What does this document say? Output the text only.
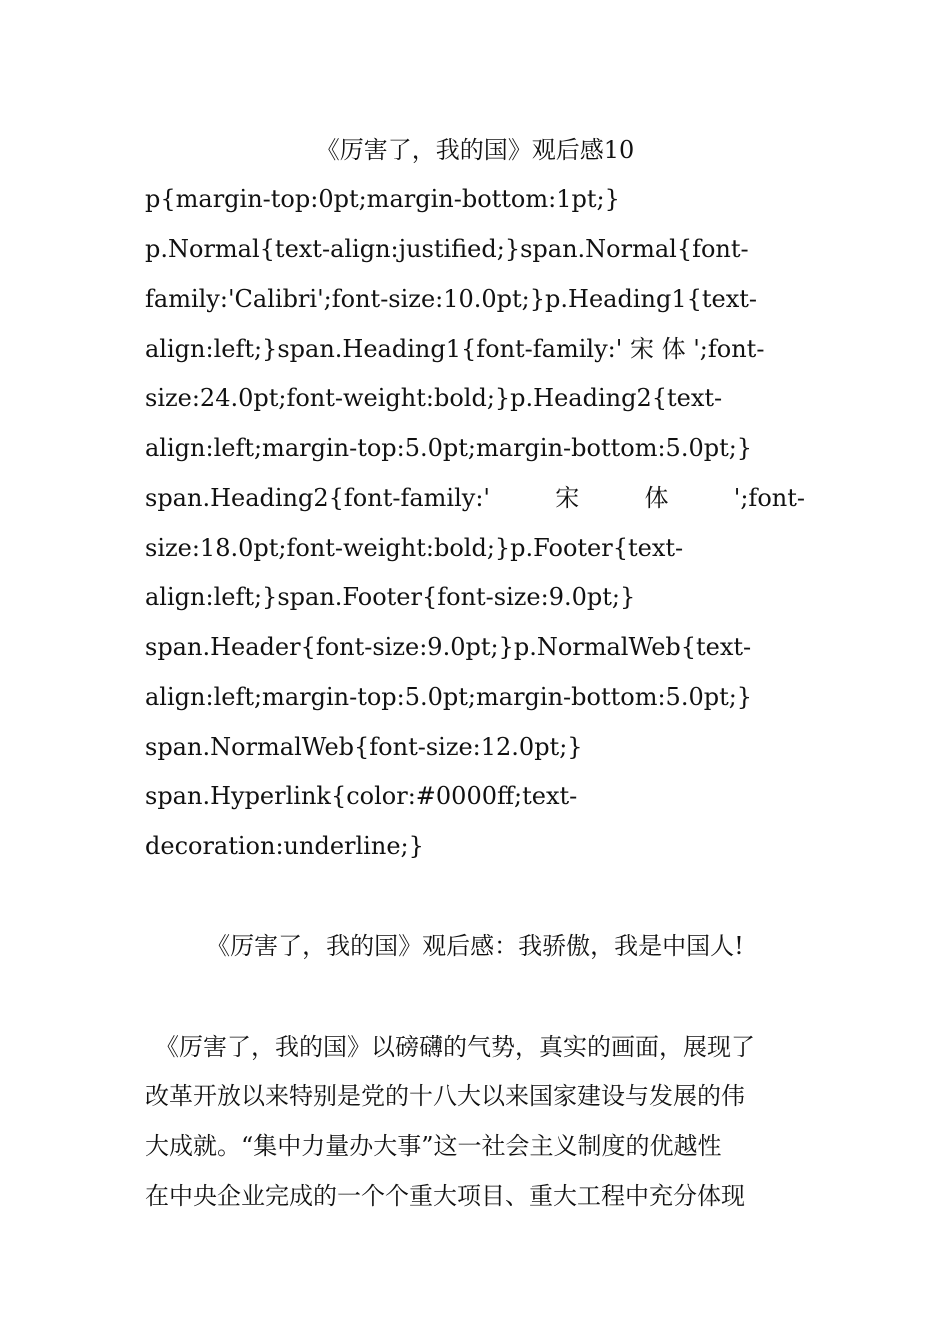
《厉害了，我的国》观后感10
p{margin-top:0pt;margin-bottom:1pt;}
p.Normal{text-align:justified;}span.Normal{font-
family:'Calibri';font-size:10.0pt;}p.Heading1{text-
align:left;}span.Heading1{font-family:' 宋 体 ';font-
size:24.0pt;font-weight:bold;}p.Heading2{text-
align:left;margin-top:5.0pt;margin-bottom:5.0pt;}
span.Heading2{font-family:'	宋	体	';font-
size:18.0pt;font-weight:bold;}p.Footer{text-
align:left;}span.Footer{font-size:9.0pt;}
span.Header{font-size:9.0pt;}p.NormalWeb{text-
align:left;margin-top:5.0pt;margin-bottom:5.0pt;}
span.NormalWeb{font-size:12.0pt;}
span.Hyperlink{color:#0000ff;text-
decoration:underline;}
《厉害了，我的国》观后感：我骄傲，我是中国人!
《厉害了，我的国》以磅礴的气势，真实的画面，展现了
改革开放以来特别是党的十八大以来国家建设与发展的伟
大成就。“集中力量办大事”这一社会主义制度的优越性
在中央企业完成的一个个重大项目、重大工程中充分体现
